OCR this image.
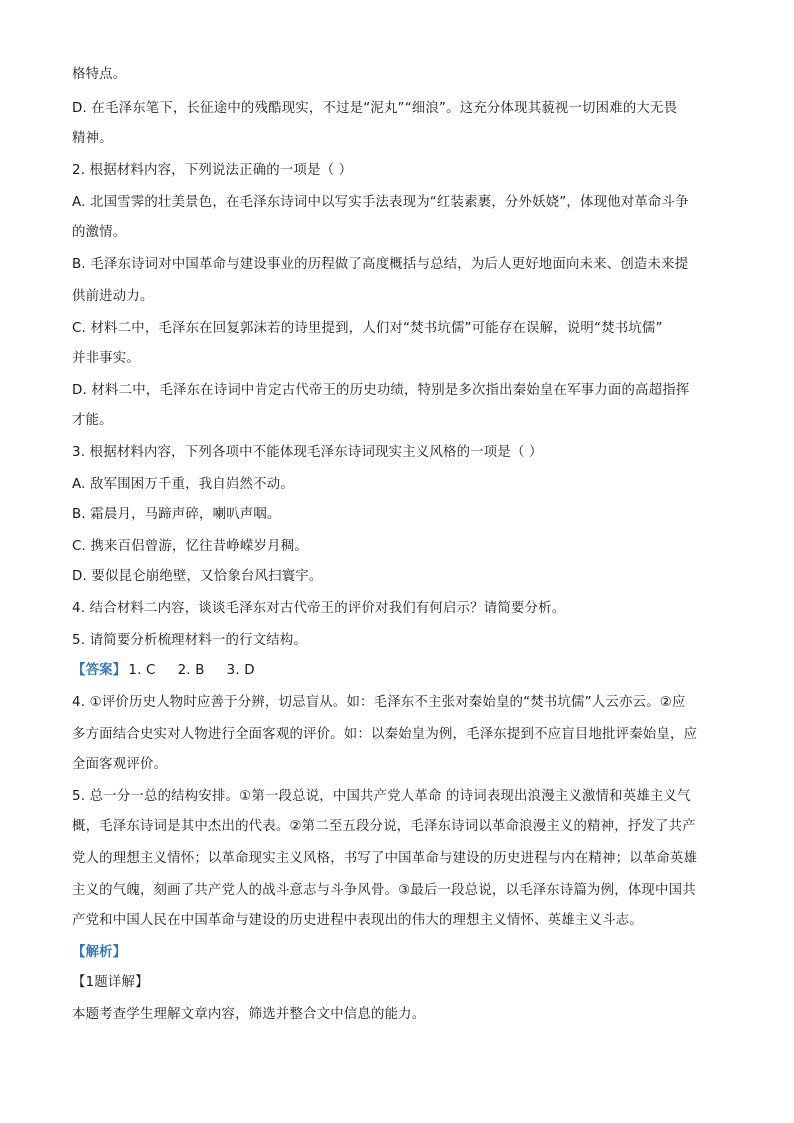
格特点。
D. 在毛泽东笔下，长征途中的残酷现实，不过是“泥丸”“细浪”。这充分体现其藐视一切困难的大无畏
精神。
2. 根据材料内容，下列说法正确的一项是（ ）
A. 北国雪霁的壮美景色，在毛泽东诗词中以写实手法表现为“红装素裹，分外妖娆”，体现他对革命斗争
的激情。
B. 毛泽东诗词对中国革命与建设事业的历程做了高度概括与总结，为后人更好地面向未来、创造未来提
供前进动力。
C. 材料二中，毛泽东在回复郭沫若的诗里提到，人们对“焚书坑儒”可能存在误解，说明“焚书坑儒”
并非事实。
D. 材料二中，毛泽东在诗词中肯定古代帝王的历史功绩，特别是多次指出秦始皇在军事力面的高超指挥
才能。
3. 根据材料内容，下列各项中不能体现毛泽东诗词现实主义风格的一项是（ ）
A. 敌军围困万千重，我自岿然不动。
B. 霜晨月，马蹄声碎，喇叭声咽。
C. 携来百侣曾游，忆往昔峥嵘岁月稠。
D. 要似昆仑崩绝壁，又恰象台风扫寰宇。
4. 结合材料二内容，谈谈毛泽东对古代帝王的评价对我们有何启示？请简要分析。
5. 请简要分析梳理材料一的行文结构。
【答案】 1. C 2. B 3. D
4. ①评价历史人物时应善于分辨，切忌盲从。如：毛泽东不主张对秦始皇的“焚书坑儒”人云亦云。②应
多方面结合史实对人物进行全面客观的评价。如：以秦始皇为例，毛泽东提到不应盲目地批评秦始皇，应
全面客观评价。
5. 总一分一总的结构安排。①第一段总说，中国共产党人革命 的诗词表现出浪漫主义激情和英雄主义气
概，毛泽东诗词是其中杰出的代表。②第二至五段分说，毛泽东诗词以革命浪漫主义的精神，抒发了共产
党人的理想主义情怀；以革命现实主义风格，书写了中国革命与建设的历史进程与内在精神；以革命英雄
主义的气魄，刻画了共产党人的战斗意志与斗争风骨。③最后一段总说，以毛泽东诗篇为例，体现中国共
产党和中国人民在中国革命与建设的历史进程中表现出的伟大的理想主义情怀、英雄主义斗志。
【解析】
【1题详解】
本题考查学生理解文章内容，筛选并整合文中信息的能力。
